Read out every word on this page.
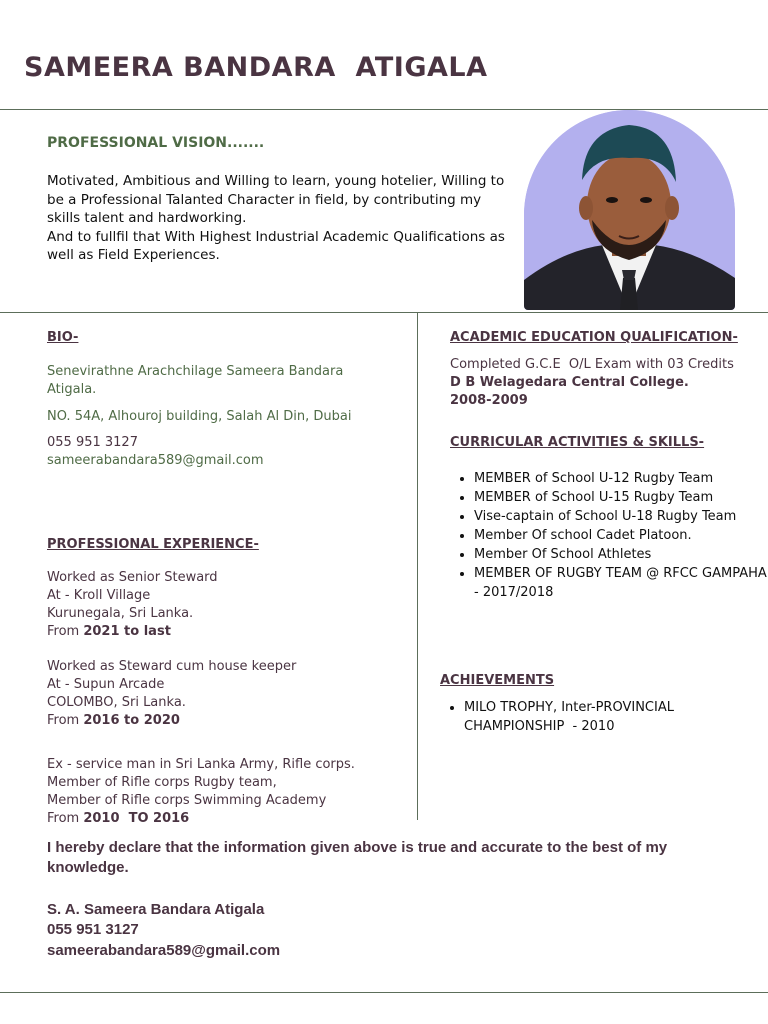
SAMEERA BANDARA  ATIGALA
PROFESSIONAL VISION.......
Motivated, Ambitious and Willing to learn, young hotelier, Willing to be a Professional Talanted Character in field, by contributing my skills talent and hardworking.
And to fullfil that With Highest Industrial Academic Qualifications as well as Field Experiences.
BIO-
Senevirathne Arachchilage Sameera Bandara Atigala.
NO. 54A, Alhouroj building, Salah Al Din, Dubai
055 951 3127
sameerabandara589@gmail.com
PROFESSIONAL EXPERIENCE-
Worked as Senior Steward
At - Kroll Village
Kurunegala, Sri Lanka.
From 2021 to last
Worked as Steward cum house keeper
At - Supun Arcade
COLOMBO, Sri Lanka.
From 2016 to 2020
Ex - service man in Sri Lanka Army, Rifle corps.
Member of Rifle corps Rugby team,
Member of Rifle corps Swimming Academy
From 2010  TO 2016
ACADEMIC EDUCATION QUALIFICATION-
Completed G.C.E  O/L Exam with 03 Credits
D B Welagedara Central College.
2008-2009
CURRICULAR ACTIVITIES & SKILLS-
• MEMBER of School U-12 Rugby Team
• MEMBER of School U-15 Rugby Team
• Vise-captain of School U-18 Rugby Team
• Member Of school Cadet Platoon.
• Member Of School Athletes
• MEMBER OF RUGBY TEAM @ RFCC GAMPAHA  - 2017/2018
ACHIEVEMENTS
• MILO TROPHY, Inter-PROVINCIAL CHAMPIONSHIP  - 2010
I hereby declare that the information given above is true and accurate to the best of my knowledge.
S. A. Sameera Bandara Atigala
055 951 3127
sameerabandara589@gmail.com
